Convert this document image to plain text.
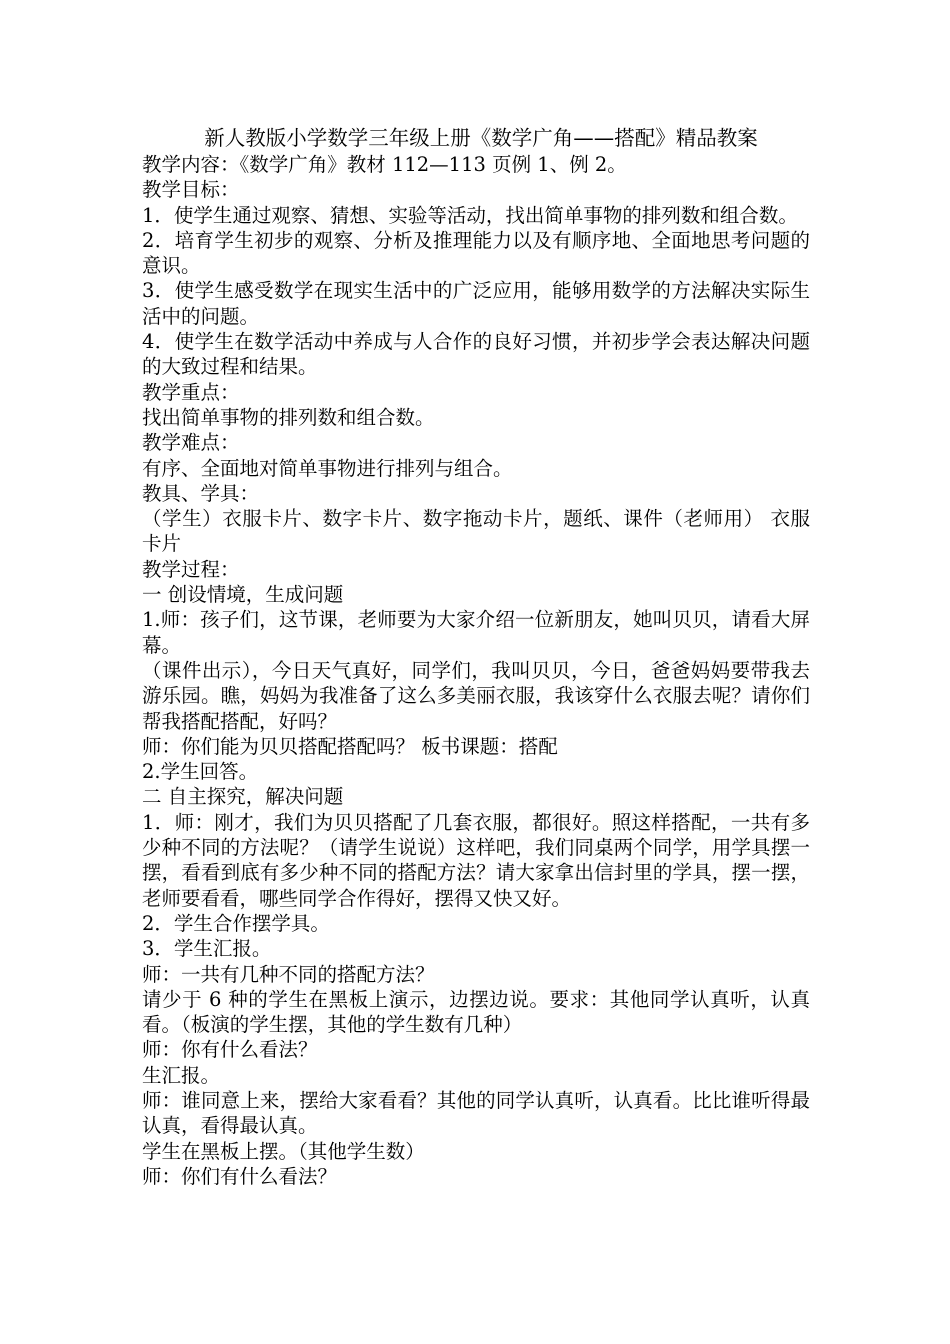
新人教版小学数学三年级上册《数学广角——搭配》精品教案

教学内容：《数学广角》教材 112—113 页例 1、例 2。

教学目标：

1．使学生通过观察、猜想、实验等活动，找出简单事物的排列数和组合数。

2．培育学生初步的观察、分析及推理能力以及有顺序地、全面地思考问题的意识。

3．使学生感受数学在现实生活中的广泛应用，能够用数学的方法解决实际生活中的问题。

4．使学生在数学活动中养成与人合作的良好习惯，并初步学会表达解决问题的大致过程和结果。

教学重点：

找出简单事物的排列数和组合数。

教学难点：

有序、全面地对简单事物进行排列与组合。

教具、学具：

（学生）衣服卡片、数字卡片、数字拖动卡片，题纸、课件（老师用） 衣服卡片

教学过程：

一 创设情境，生成问题

1.师：孩子们，这节课，老师要为大家介绍一位新朋友，她叫贝贝，请看大屏幕。

（课件出示），今日天气真好，同学们，我叫贝贝，今日，爸爸妈妈要带我去游乐园。瞧，妈妈为我准备了这么多美丽衣服，我该穿什么衣服去呢？请你们帮我搭配搭配，好吗？

师：你们能为贝贝搭配搭配吗？ 板书课题：搭配

2.学生回答。

二 自主探究，解决问题

1．师：刚才，我们为贝贝搭配了几套衣服，都很好。照这样搭配，一共有多少种不同的方法呢？（请学生说说）这样吧，我们同桌两个同学，用学具摆一摆，看看到底有多少种不同的搭配方法？请大家拿出信封里的学具，摆一摆，老师要看看，哪些同学合作得好，摆得又快又好。

2．学生合作摆学具。

3．学生汇报。

师：一共有几种不同的搭配方法？

请少于 6 种的学生在黑板上演示，边摆边说。要求：其他同学认真听，认真看。（板演的学生摆，其他的学生数有几种）

师：你有什么看法？

生汇报。

师：谁同意上来，摆给大家看看？其他的同学认真听，认真看。比比谁听得最认真，看得最认真。

学生在黑板上摆。（其他学生数）

师：你们有什么看法？
